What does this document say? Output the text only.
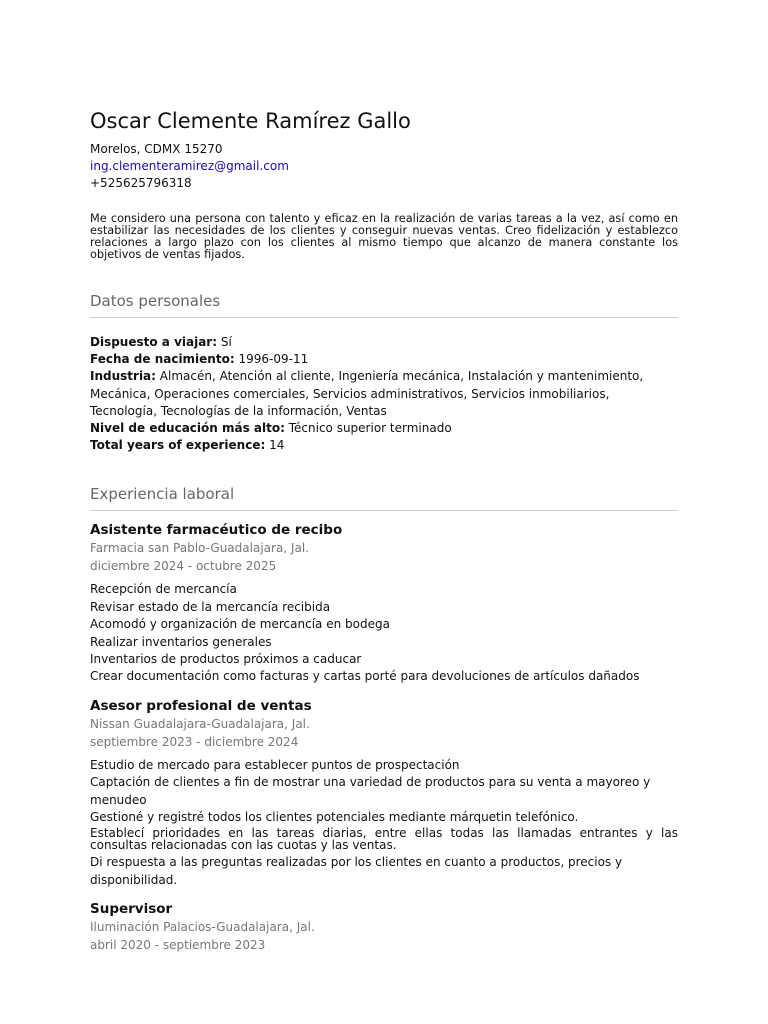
Oscar Clemente Ramírez Gallo
Morelos, CDMX 15270
ing.clementeramirez@gmail.com
+525625796318
Me considero una persona con talento y eficaz en la realización de varias tareas a la vez, así como en estabilizar las necesidades de los clientes y conseguir nuevas ventas. Creo fidelización y establezco relaciones a largo plazo con los clientes al mismo tiempo que alcanzo de manera constante los objetivos de ventas fijados.
Datos personales
Dispuesto a viajar: Sí
Fecha de nacimiento: 1996-09-11
Industria: Almacén, Atención al cliente, Ingeniería mecánica, Instalación y mantenimiento, Mecánica, Operaciones comerciales, Servicios administrativos, Servicios inmobiliarios, Tecnología, Tecnologías de la información, Ventas
Nivel de educación más alto: Técnico superior terminado
Total years of experience: 14
Experiencia laboral
Asistente farmacéutico de recibo
Farmacia san Pablo-Guadalajara, Jal.
diciembre 2024 - octubre 2025
Recepción de mercancía
Revisar estado de la mercancía recibida
Acomodó y organización de mercancía en bodega
Realizar inventarios generales
Inventarios de productos próximos a caducar
Crear documentación como facturas y cartas porté para devoluciones de artículos dañados
Asesor profesional de ventas
Nissan Guadalajara-Guadalajara, Jal.
septiembre 2023 - diciembre 2024
Estudio de mercado para establecer puntos de prospectación
Captación de clientes a fin de mostrar una variedad de productos para su venta a mayoreo y menudeo
Gestioné y registré todos los clientes potenciales mediante márquetin telefónico.
Establecí prioridades en las tareas diarias, entre ellas todas las llamadas entrantes y las consultas relacionadas con las cuotas y las ventas.
Di respuesta a las preguntas realizadas por los clientes en cuanto a productos, precios y disponibilidad.
Supervisor
Iluminación Palacios-Guadalajara, Jal.
abril 2020 - septiembre 2023
